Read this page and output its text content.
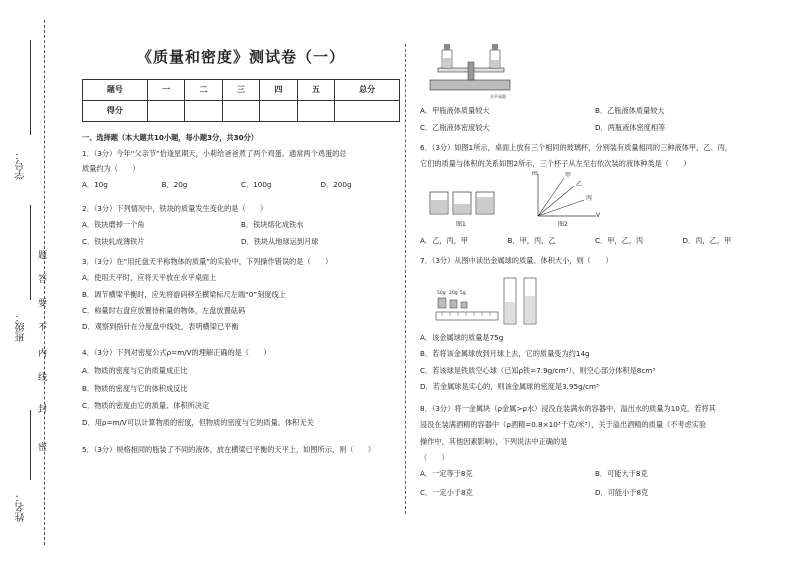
学号：
班级：
姓名：
题
答
要
不
内
线
封
密
《质量和密度》测试卷（一）
题号	一	二	三	四	五	总分
得分						
一、选择题（本大题共10小题，每小题3分，共30分）
1．（3分）今年“父亲节”恰逢星期天，小莉给爸爸煮了两个鸡蛋。通常两个鸡蛋的总
质量约为（　　）
A．10g	B．20g	C．100g	D．200g
2．（3分）下列情况中，铁块的质量发生变化的是（　　）
A．铁块磨掉一个角	B．铁块熔化成铁水
C．铁块轧成薄铁片	D．铁块从地球运到月球
3．（3分）在“用托盘天平称物体的质量”的实验中，下列操作错误的是（　　）
A．使用天平时，应将天平放在水平桌面上
B．调节横梁平衡时，应先将游码移至横梁标尺左端“0”刻度线上
C．称量时右盘应放置待称量的物体，左盘放置砝码
D．观察到指针在分度盘中线处，表明横梁已平衡
4．（3分）下列对密度公式ρ=m/V的理解正确的是（　　）
A．物质的密度与它的质量成正比
B．物质的密度与它的体积成反比
C．物质的密度由它的质量、体积所决定
D．用ρ=m/V可以计算物质的密度，但物质的密度与它的质量、体积无关
5．（3分）规格相同的瓶装了不同的液体，放在横梁已平衡的天平上，如图所示，则（　　）
水平桌面
A．甲瓶液体质量较大	B．乙瓶液体质量较大
C．乙瓶液体密度较大	D．两瓶液体密度相等
6．（3分）如图1所示，桌面上放有三个相同的玻璃杯，分别装有质量相同的三种液体甲、乙、丙，
它们的质量与体积的关系如图2所示，三个杯子从左至右依次装的液体种类是（　　）
图1
m
V
甲
乙
丙
图2
A．乙，丙，甲	B．甲，丙，乙	C．甲，乙，丙	D．丙，乙，甲
7．（3分）从图中读出金属球的质量、体积大小，则（　　）
50g 20g 5g
A．该金属球的质量是75g
B．若将该金属球放到月球上去，它的质量变为约14g
C．若该球是铁质空心球（已知ρ铁=7.9g/cm³），则空心部分体积是8cm³
D．若金属球是实心的，则该金属球的密度是3.95g/cm³
8．（3分）将一金属块（ρ金属>ρ水）浸没在装满水的容器中，溢出水的质量为10克。若将其
浸没在装满酒精的容器中（ρ酒精=0.8×10³千克/米³），关于溢出酒精的质量（不考虑实验
操作中，其他因素影响），下列说法中正确的是
（　　）
A．一定等于8克	B．可能大于8克
C．一定小于8克	D．可能小于8克
